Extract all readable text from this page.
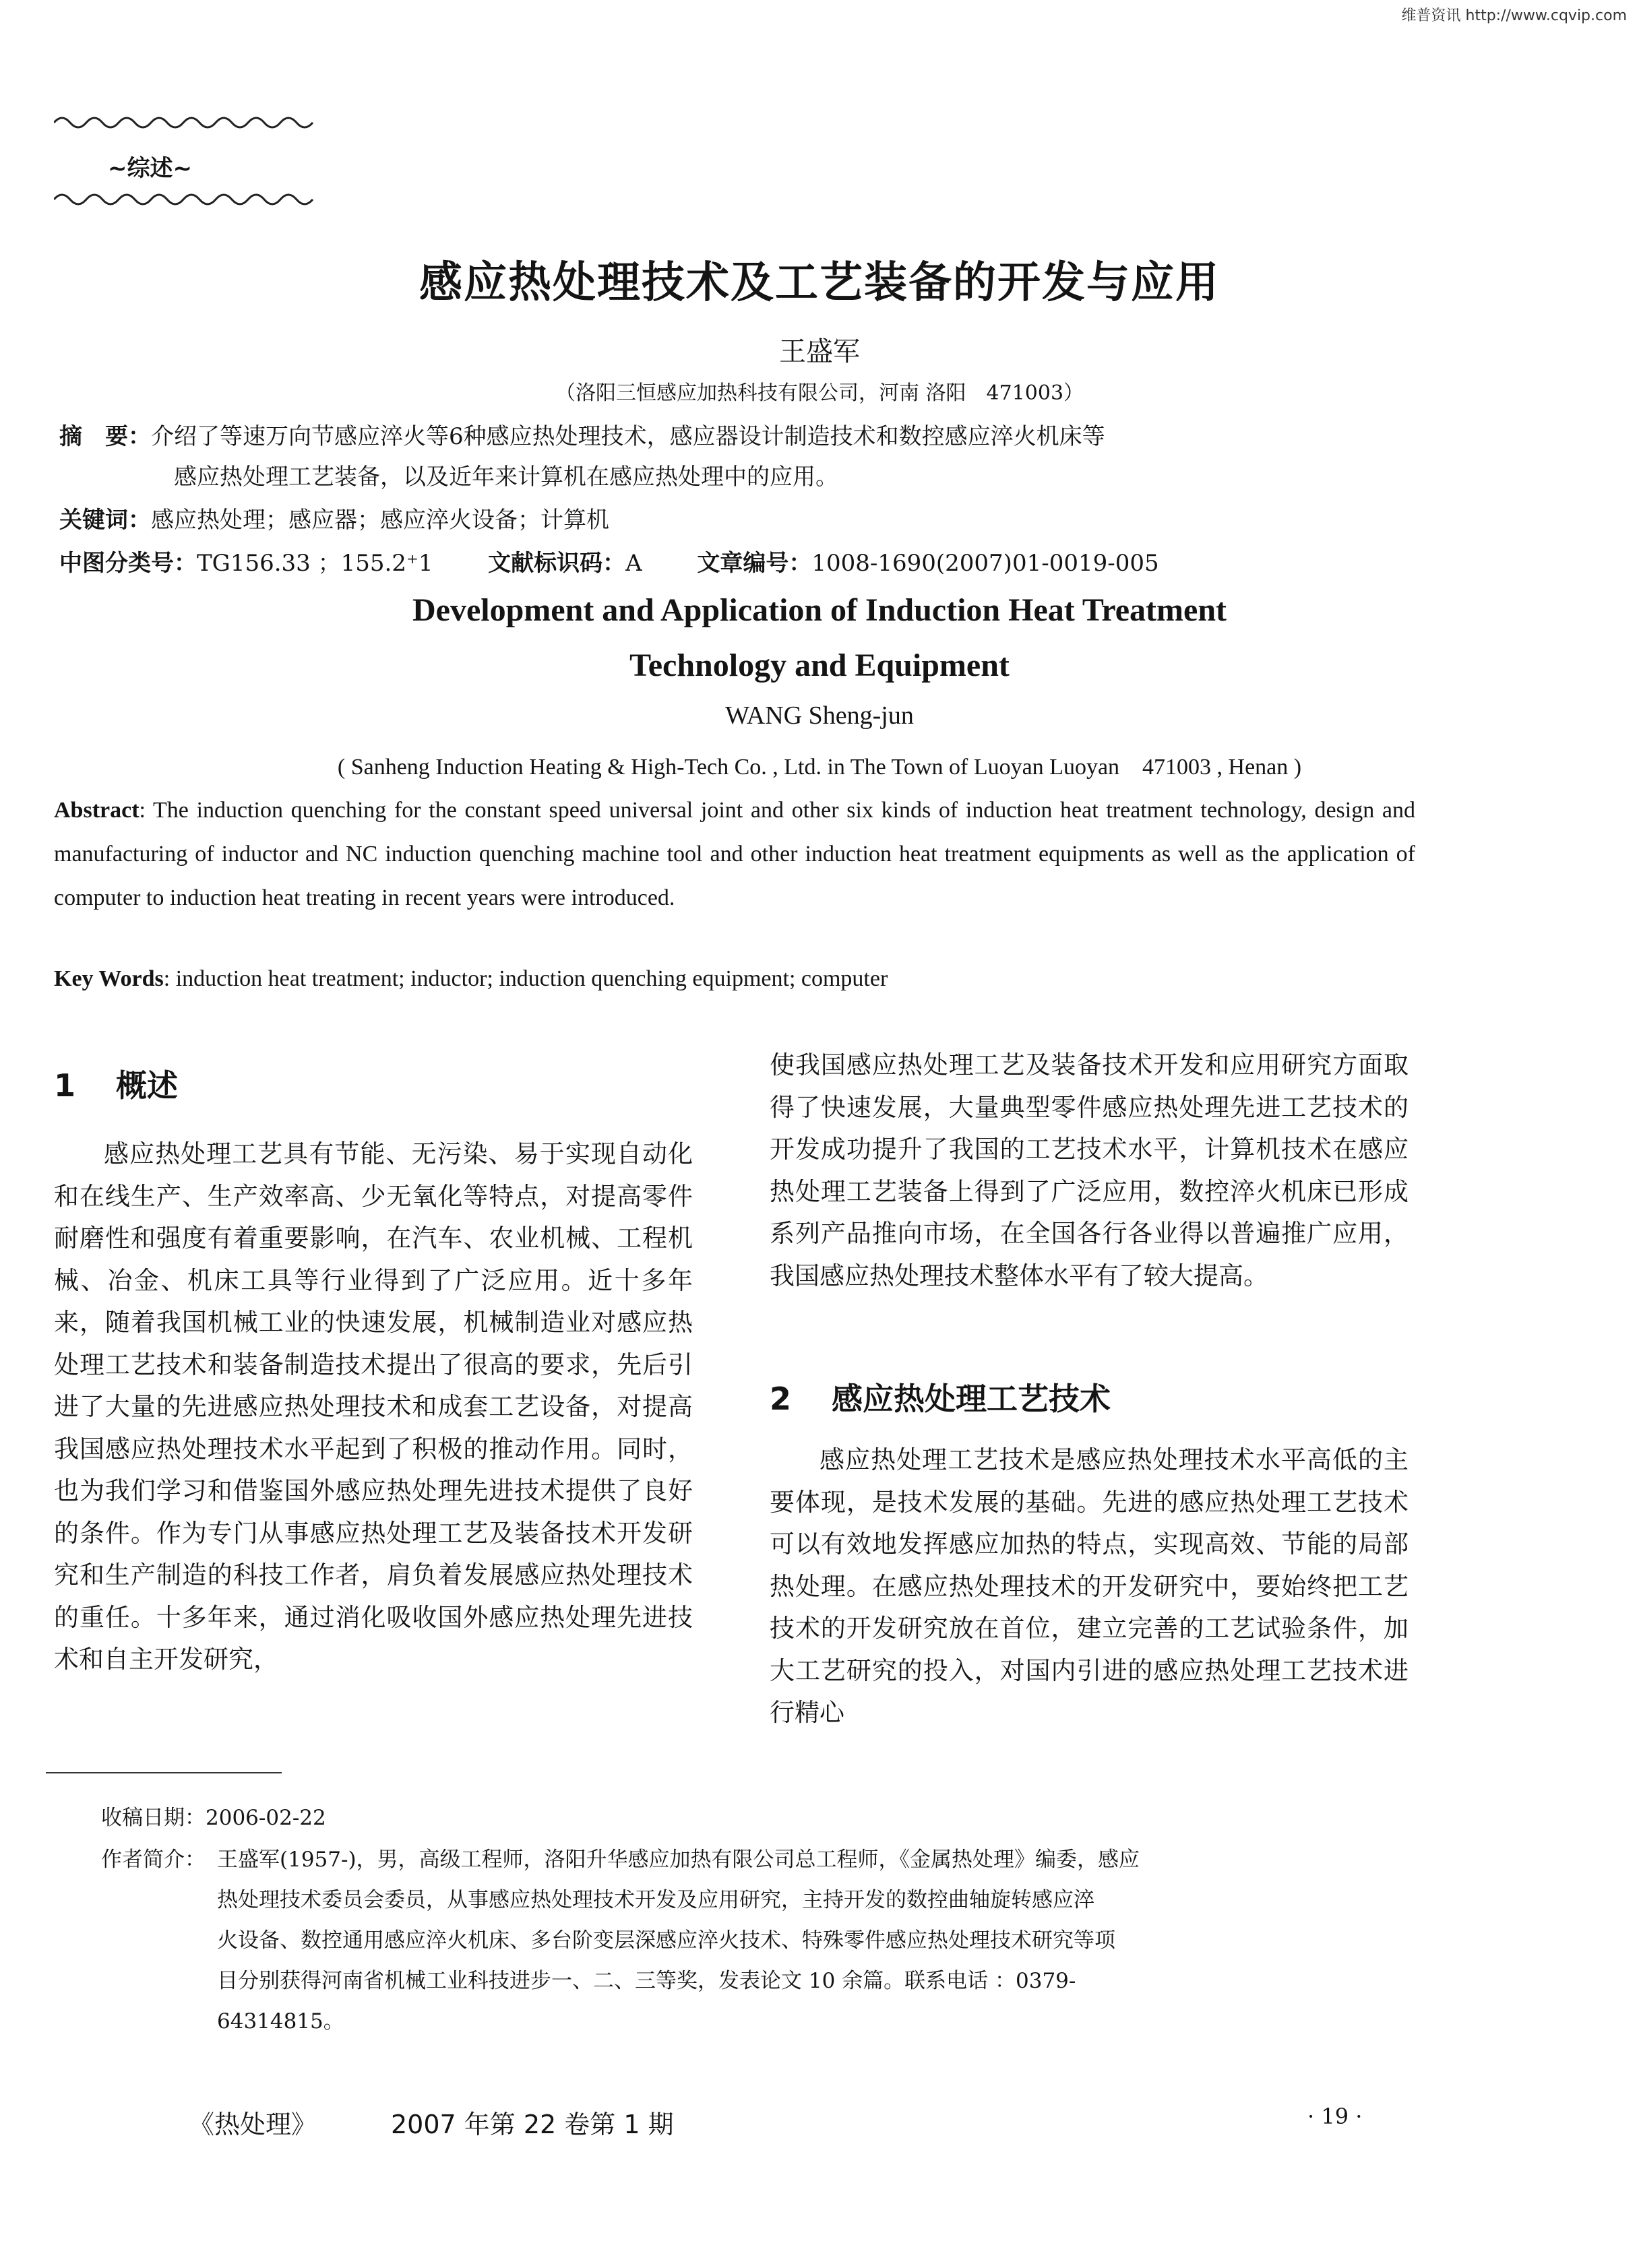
维普资讯 http://www.cqvip.com
~综述~
感应热处理技术及工艺装备的开发与应用
王盛军
（洛阳三恒感应加热科技有限公司，河南 洛阳　471003）
摘　要：介绍了等速万向节感应淬火等6种感应热处理技术，感应器设计制造技术和数控感应淬火机床等
感应热处理工艺装备，以及近年来计算机在感应热处理中的应用。
关键词：感应热处理；感应器；感应淬火设备；计算机
中图分类号：TG156.33 ；155.2⁺1 文献标识码：A 文章编号：1008-1690(2007)01-0019-005
Development and Application of Induction Heat Treatment
Technology and Equipment
WANG Sheng-jun
( Sanheng Induction Heating & High-Tech Co. , Ltd. in The Town of Luoyan Luoyan　471003 , Henan )
Abstract: The induction quenching for the constant speed universal joint and other six kinds of induction heat treatment technology, design and manufacturing of inductor and NC induction quenching machine tool and other induction heat treatment equipments as well as the application of computer to induction heat treating in recent years were introduced.
Key Words: induction heat treatment; inductor; induction quenching equipment; computer
1 概述

感应热处理工艺具有节能、无污染、易于实现自动化和在线生产、生产效率高、少无氧化等特点，对提高零件耐磨性和强度有着重要影响，在汽车、农业机械、工程机械、冶金、机床工具等行业得到了广泛应用。近十多年来，随着我国机械工业的快速发展，机械制造业对感应热处理工艺技术和装备制造技术提出了很高的要求，先后引进了大量的先进感应热处理技术和成套工艺设备，对提高我国感应热处理技术水平起到了积极的推动作用。同时，也为我们学习和借鉴国外感应热处理先进技术提供了良好的条件。作为专门从事感应热处理工艺及装备技术开发研究和生产制造的科技工作者，肩负着发展感应热处理技术的重任。十多年来，通过消化吸收国外感应热处理先进技术和自主开发研究，

使我国感应热处理工艺及装备技术开发和应用研究方面取得了快速发展，大量典型零件感应热处理先进工艺技术的开发成功提升了我国的工艺技术水平，计算机技术在感应热处理工艺装备上得到了广泛应用，数控淬火机床已形成系列产品推向市场，在全国各行各业得以普遍推广应用，我国感应热处理技术整体水平有了较大提高。

2 感应热处理工艺技术

感应热处理工艺技术是感应热处理技术水平高低的主要体现，是技术发展的基础。先进的感应热处理工艺技术可以有效地发挥感应加热的特点，实现高效、节能的局部热处理。在感应热处理技术的开发研究中，要始终把工艺技术的开发研究放在首位，建立完善的工艺试验条件，加大工艺研究的投入，对国内引进的感应热处理工艺技术进行精心

收稿日期：2006-02-22
作者简介： 王盛军(1957-)，男，高级工程师，洛阳升华感应加热有限公司总工程师，《金属热处理》编委，感应
热处理技术委员会委员，从事感应热处理技术开发及应用研究，主持开发的数控曲轴旋转感应淬
火设备、数控通用感应淬火机床、多台阶变层深感应淬火技术、特殊零件感应热处理技术研究等项
目分别获得河南省机械工业科技进步一、二、三等奖，发表论文 10 余篇。联系电话 ：0379-
64314815。
《热处理》	2007 年第 22 卷第 1 期	· 19 ·
